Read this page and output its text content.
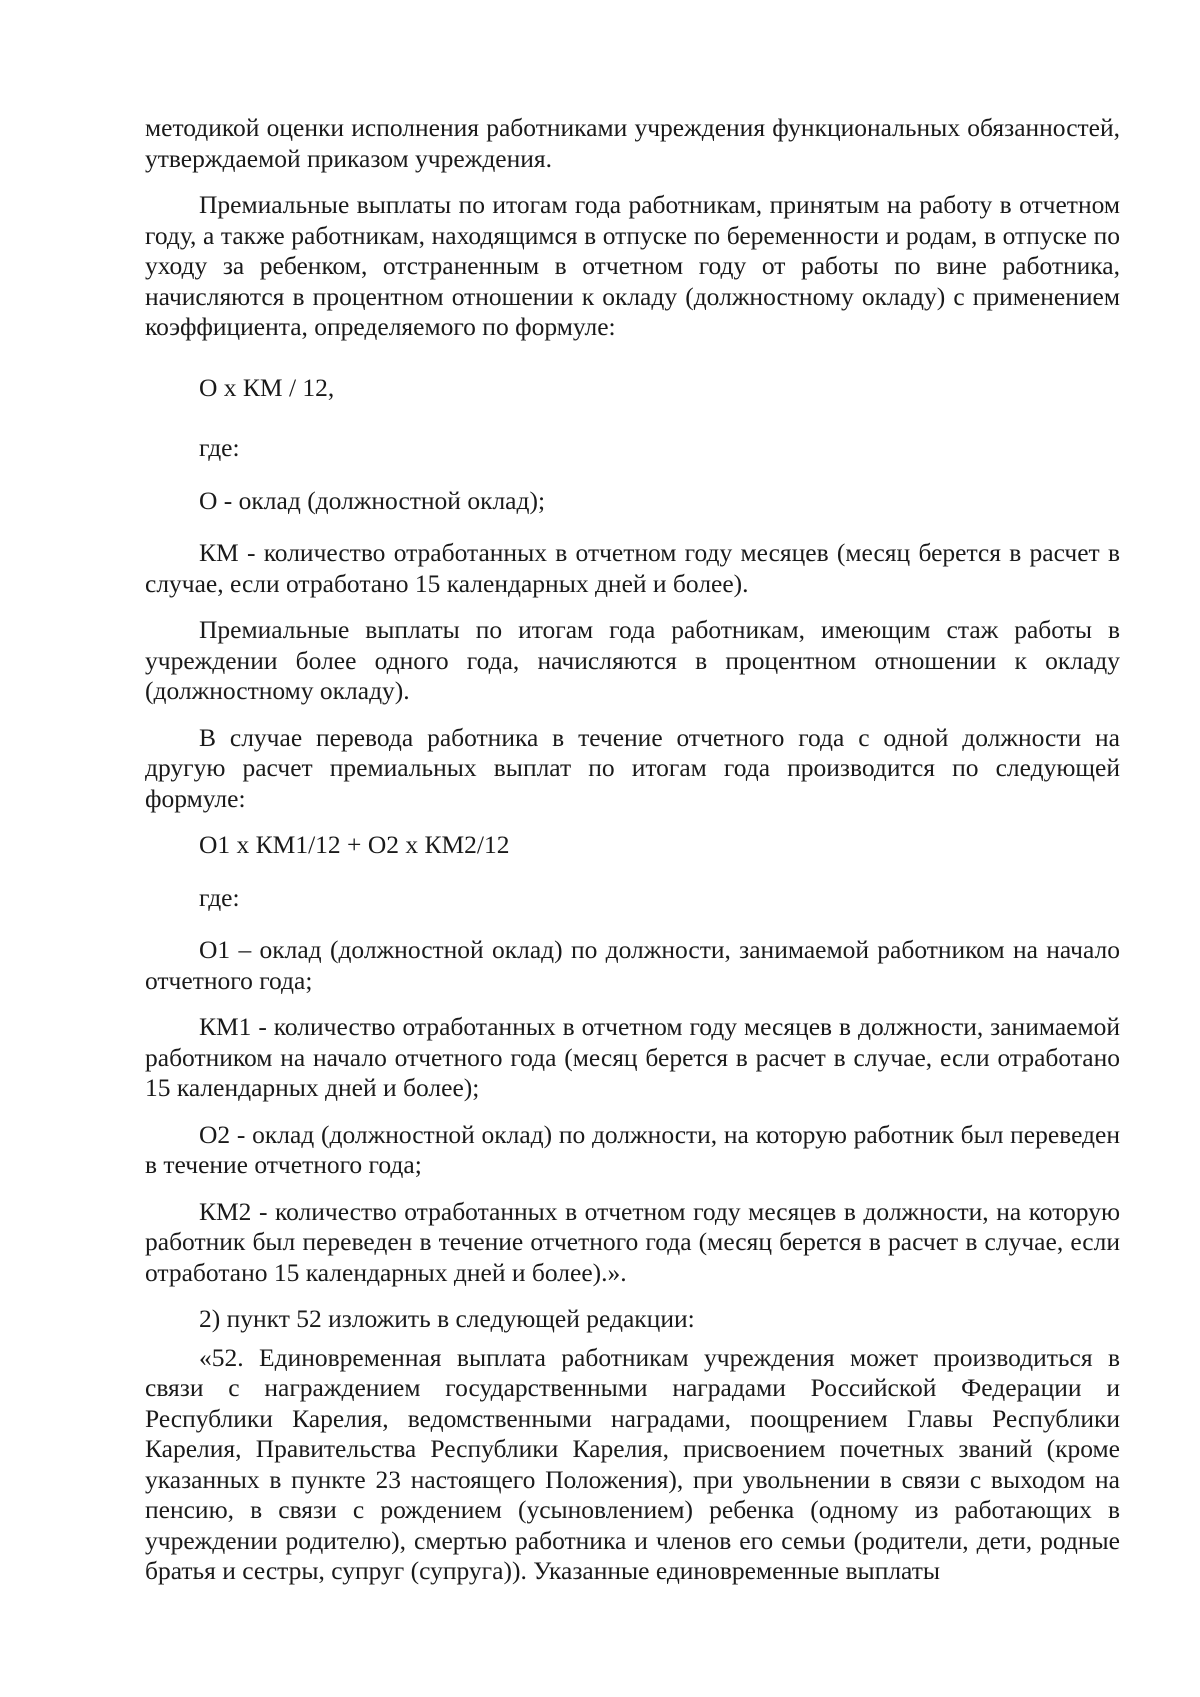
методикой оценки исполнения работниками учреждения функциональных обязанностей, утверждаемой приказом учреждения.

Премиальные выплаты по итогам года работникам, принятым на работу в отчетном году, а также работникам, находящимся в отпуске по беременности и родам, в отпуске по уходу за ребенком, отстраненным в отчетном году от работы по вине работника, начисляются в процентном отношении к окладу (должностному окладу) с применением коэффициента, определяемого по формуле:

О х КМ / 12,

где:

О - оклад (должностной оклад);

КМ - количество отработанных в отчетном году месяцев (месяц берется в расчет в случае, если отработано 15 календарных дней и более).

Премиальные выплаты по итогам года работникам, имеющим стаж работы в учреждении более одного года, начисляются в процентном отношении к окладу (должностному окладу).

В случае перевода работника в течение отчетного года с одной должности на другую расчет премиальных выплат по итогам года производится по следующей формуле:

О1 х КМ1/12 + О2 х КМ2/12

где:

О1 – оклад (должностной оклад) по должности, занимаемой работником на начало отчетного года;

КМ1 - количество отработанных в отчетном году месяцев в должности, занимаемой работником на начало отчетного года (месяц берется в расчет в случае, если отработано 15 календарных дней и более);

О2 - оклад (должностной оклад) по должности, на которую работник был переведен в течение отчетного года;

КМ2 - количество отработанных в отчетном году месяцев в должности, на которую работник был переведен в течение отчетного года (месяц берется в расчет в случае, если отработано 15 календарных дней и более).».

2) пункт 52 изложить в следующей редакции:

«52. Единовременная выплата работникам учреждения может производиться в связи с награждением государственными наградами Российской Федерации и Республики Карелия, ведомственными наградами, поощрением Главы Республики Карелия, Правительства Республики Карелия, присвоением почетных званий (кроме указанных в пункте 23 настоящего Положения), при увольнении в связи с выходом на пенсию, в связи с рождением (усыновлением) ребенка (одному из работающих в учреждении родителю), смертью работника и членов его семьи (родители, дети, родные братья и сестры, супруг (супруга)). Указанные единовременные выплаты
